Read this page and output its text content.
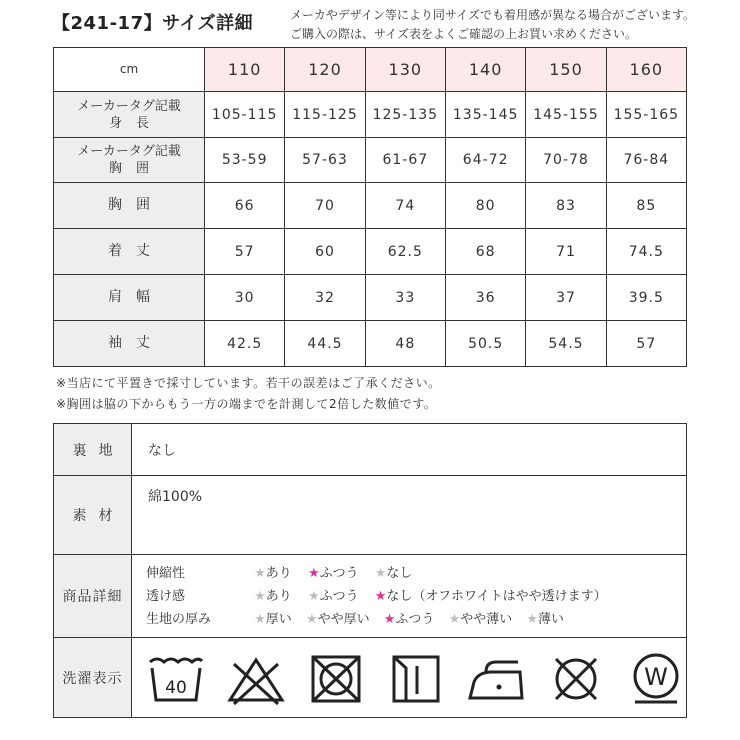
【241-17】サイズ詳細	メーカやデザイン等により同サイズでも着用感が異なる場合がございます。
ご購入の際は、サイズ表をよくご確認の上お買い求めください。
cm	110	120	130	140	150	160

メーカータグ記載
身長	105-115	115-125	125-135	135-145	145-155	155-165

メーカータグ記載
胸囲	53-59	57-63	61-67	64-72	70-78	76-84
胸囲	66	70	74	80	83	85
着丈	57	60	62.5	68	71	74.5
肩幅	30	32	33	36	37	39.5
袖丈	42.5	44.5	48	50.5	54.5	57
※当店にて平置きで採寸しています。若干の誤差はご了承ください。
※胸囲は脇の下からもう一方の端までを計測して2倍した数値です。
裏地	なし
素材	綿100%
商品詳細	伸縮性 ★あり ★ふつう ★なし
透け感 ★あり ★ふつう ★なし（オフホワイトはやや透けます）
生地の厚み ★厚い ★やや厚い ★ふつう ★やや薄い ★薄い

洗濯表示	40 W
